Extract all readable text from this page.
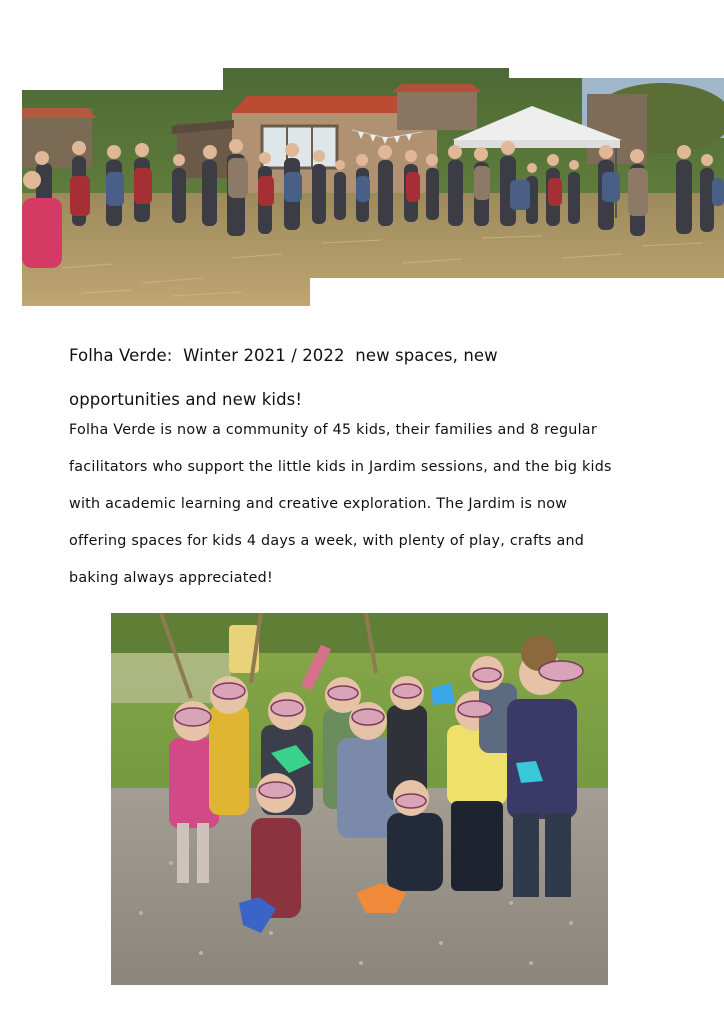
Folha Verde:  Winter 2021 / 2022  new spaces, new
opportunities and new kids!

Folha Verde is now a community of 45 kids, their families and 8 regular
facilitators who support the little kids in Jardim sessions, and the big kids
with academic learning and creative exploration. The Jardim is now
offering spaces for kids 4 days a week, with plenty of play, crafts and
baking always appreciated!
